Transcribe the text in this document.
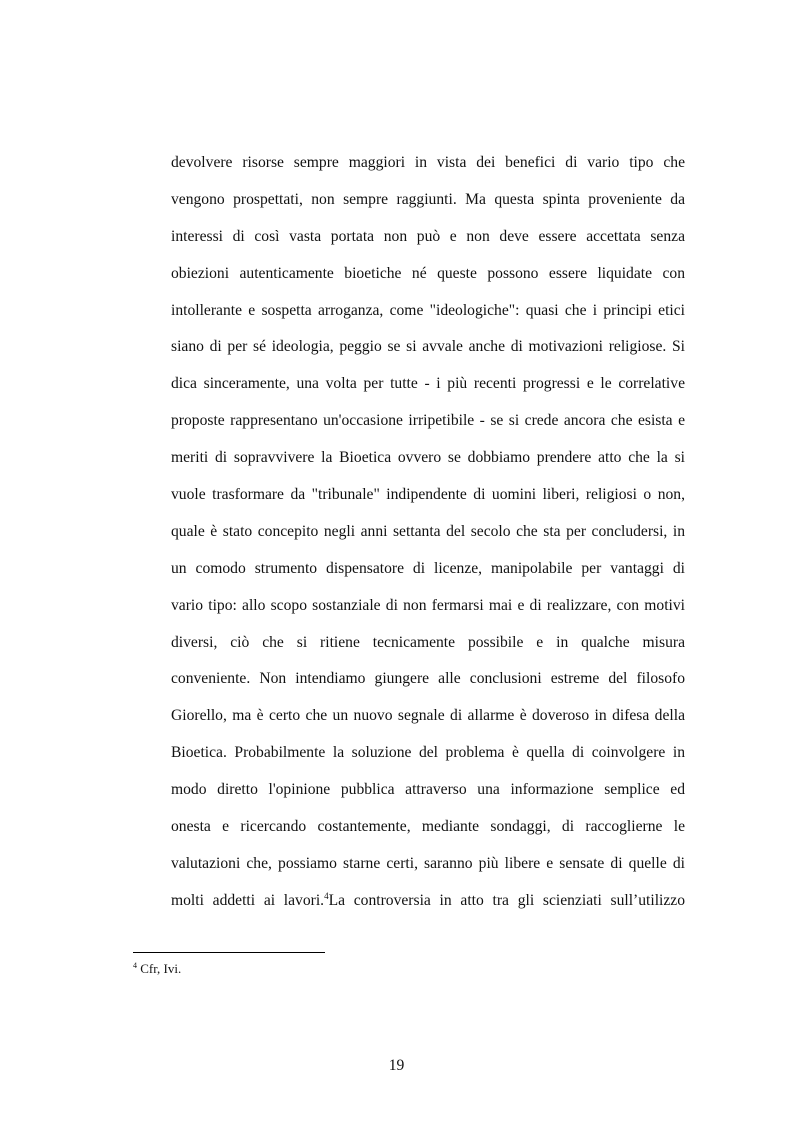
devolvere risorse sempre maggiori in vista dei benefici di vario tipo che
vengono prospettati, non sempre raggiunti. Ma questa spinta proveniente da
interessi di così vasta portata non può e non deve essere accettata senza
obiezioni autenticamente bioetiche né queste possono essere liquidate con
intollerante e sospetta arroganza, come "ideologiche": quasi che i principi etici
siano di per sé ideologia, peggio se si avvale anche di motivazioni religiose. Si
dica sinceramente, una volta per tutte - i più recenti progressi e le correlative
proposte rappresentano un'occasione irripetibile - se si crede ancora che esista e
meriti di sopravvivere la Bioetica ovvero se dobbiamo prendere atto che la si
vuole trasformare da "tribunale" indipendente di uomini liberi, religiosi o non,
quale è stato concepito negli anni settanta del secolo che sta per concludersi, in
un comodo strumento dispensatore di licenze, manipolabile per vantaggi di
vario tipo: allo scopo sostanziale di non fermarsi mai e di realizzare, con motivi
diversi, ciò che si ritiene tecnicamente possibile e in qualche misura
conveniente. Non intendiamo giungere alle conclusioni estreme del filosofo
Giorello, ma è certo che un nuovo segnale di allarme è doveroso in difesa della
Bioetica. Probabilmente la soluzione del problema è quella di coinvolgere in
modo diretto l'opinione pubblica attraverso una informazione semplice ed
onesta e ricercando costantemente, mediante sondaggi, di raccoglierne le
valutazioni che, possiamo starne certi, saranno più libere e sensate di quelle di
molti addetti ai lavori.$^4$La controversia in atto tra gli scienziati sull’utilizzo
$^4$ Cfr, Ivi.
19
